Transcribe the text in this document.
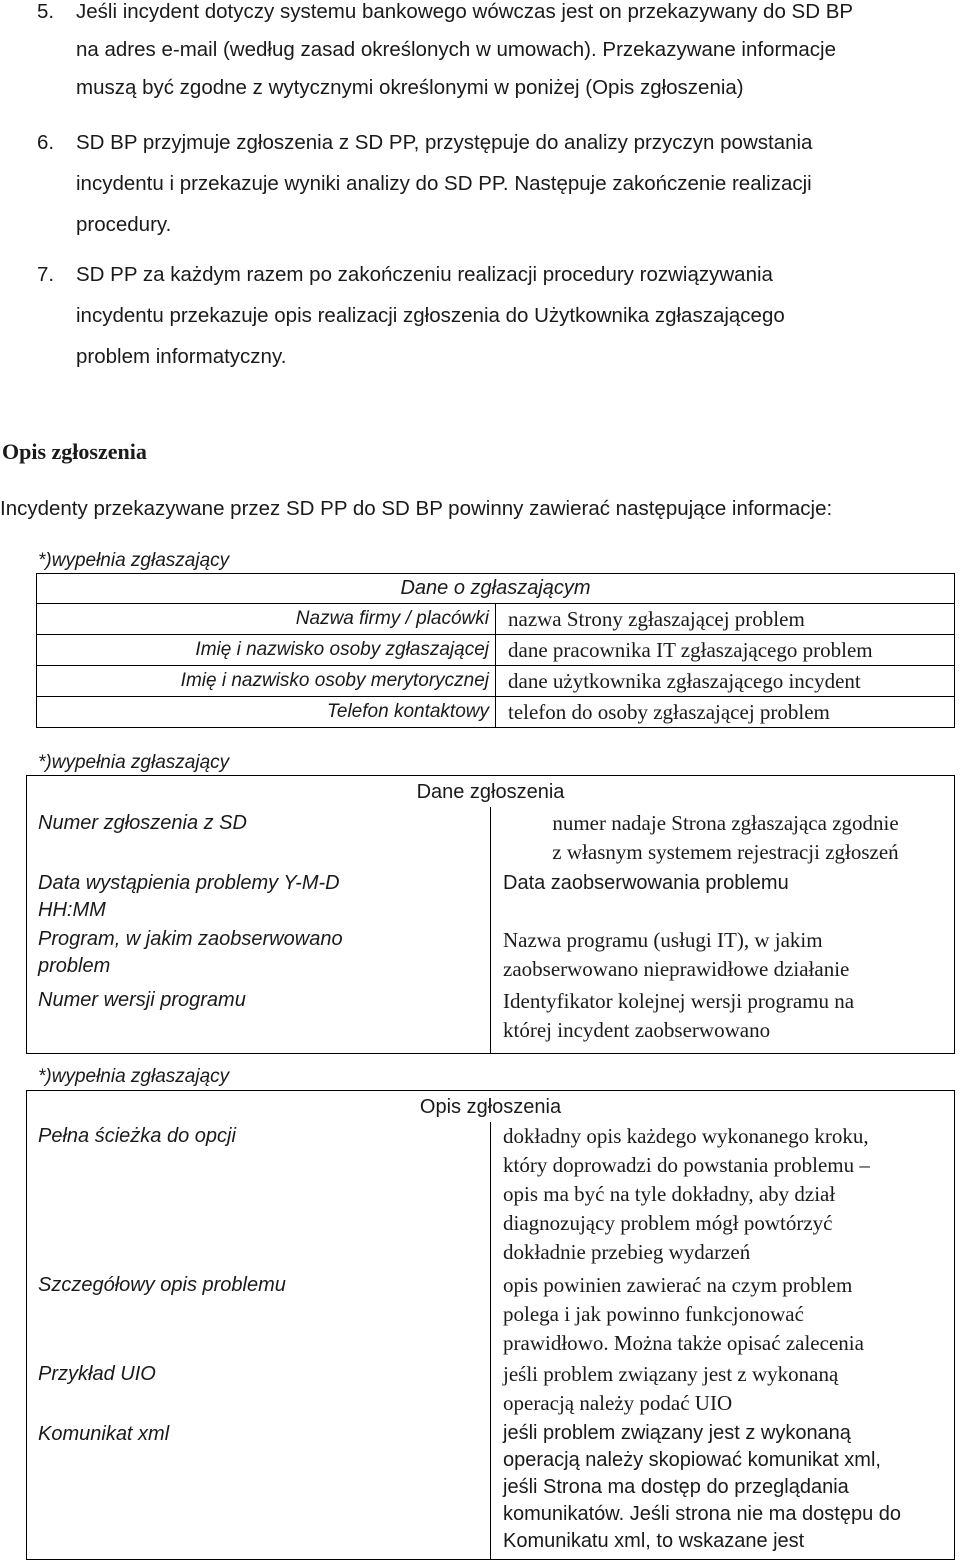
5. Jeśli incydent dotyczy systemu bankowego wówczas jest on przekazywany do SD BP
na adres e-mail (według zasad określonych w umowach). Przekazywane informacje
muszą być zgodne z wytycznymi określonymi w poniżej (Opis zgłoszenia)
6. SD BP przyjmuje zgłoszenia z SD PP, przystępuje do analizy przyczyn powstania
incydentu i przekazuje wyniki analizy do SD PP. Następuje zakończenie realizacji
procedury.
7. SD PP za każdym razem po zakończeniu realizacji procedury rozwiązywania
incydentu przekazuje opis realizacji zgłoszenia do Użytkownika zgłaszającego
problem informatyczny.
Opis zgłoszenia
Incydenty przekazywane przez SD PP do SD BP powinny zawierać następujące informacje:
*)wypełnia zgłaszający
Dane o zgłaszającym	
Nazwa firmy / placówki	nazwa Strony zgłaszającej problem
Imię i nazwisko osoby zgłaszającej	dane pracownika IT zgłaszającego problem
Imię i nazwisko osoby merytorycznej	dane użytkownika zgłaszającego incydent
Telefon kontaktowy	telefon do osoby zgłaszającej problem
*)wypełnia zgłaszający
Dane zgłoszenia	

Numer zgłoszenia z SD	numer nadaje Strona zgłaszająca zgodnie
z własnym systemem rejestracji zgłoszeń

Data wystąpienia problemy Y-M-D
HH:MM	Data zaobserwowania problemu

Program, w jakim zaobserwowano
problem	Nazwa programu (usługi IT), w jakim
zaobserwowano nieprawidłowe działanie

Numer wersji programu	Identyfikator kolejnej wersji programu na
której incydent zaobserwowano
*)wypełnia zgłaszający
Opis zgłoszenia	
Pełna ścieżka do opcji	dokładny opis każdego wykonanego kroku,
który doprowadzi do powstania problemu –
opis ma być na tyle dokładny, aby dział
diagnozujący problem mógł powtórzyć
dokładnie przebieg wydarzeń

Szczegółowy opis problemu	opis powinien zawierać na czym problem
polega i jak powinno funkcjonować
prawidłowo. Można także opisać zalecenia

Przykład UIO	jeśli problem związany jest z wykonaną
operacją należy podać UIO

Komunikat xml	jeśli problem związany jest z wykonaną
operacją należy skopiować komunikat xml,
jeśli Strona ma dostęp do przeglądania
komunikatów. Jeśli strona nie ma dostępu do
Komunikatu xml, to wskazane jest
